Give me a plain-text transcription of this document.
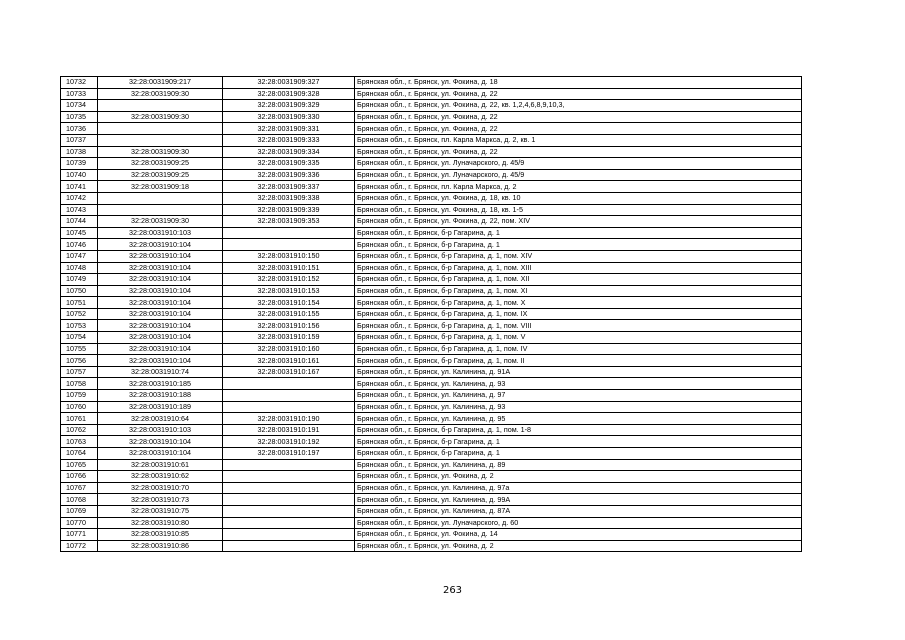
10732	32:28:0031909:217	32:28:0031909:327	Брянская обл., г. Брянск, ул. Фокина, д. 18
10733	32:28:0031909:30	32:28:0031909:328	Брянская обл., г. Брянск, ул. Фокина, д. 22
10734		32:28:0031909:329	Брянская обл., г. Брянск, ул. Фокина, д. 22, кв. 1,2,4,6,8,9,10,3,
10735	32:28:0031909:30	32:28:0031909:330	Брянская обл., г. Брянск, ул. Фокина, д. 22
10736		32:28:0031909:331	Брянская обл., г. Брянск, ул. Фокина, д. 22
10737		32:28:0031909:333	Брянская обл., г. Брянск, пл. Карла Маркса, д. 2, кв. 1
10738	32:28:0031909:30	32:28:0031909:334	Брянская обл., г. Брянск, ул. Фокина, д. 22
10739	32:28:0031909:25	32:28:0031909:335	Брянская обл., г. Брянск, ул. Луначарского, д. 45/9
10740	32:28:0031909:25	32:28:0031909:336	Брянская обл., г. Брянск, ул. Луначарского, д. 45/9
10741	32:28:0031909:18	32:28:0031909:337	Брянская обл., г. Брянск, пл. Карла Маркса, д. 2
10742		32:28:0031909:338	Брянская обл., г. Брянск, ул. Фокина, д. 18, кв. 10
10743		32:28:0031909:339	Брянская обл., г. Брянск, ул. Фокина, д. 18, кв. 1-5
10744	32:28:0031909:30	32:28:0031909:353	Брянская обл., г. Брянск, ул. Фокина, д. 22, пом. XIV
10745	32:28:0031910:103		Брянская обл., г. Брянск, б-р Гагарина, д. 1
10746	32:28:0031910:104		Брянская обл., г. Брянск, б-р Гагарина, д. 1
10747	32:28:0031910:104	32:28:0031910:150	Брянская обл., г. Брянск, б-р Гагарина, д. 1, пом. XIV
10748	32:28:0031910:104	32:28:0031910:151	Брянская обл., г. Брянск, б-р Гагарина, д. 1, пом. XIII
10749	32:28:0031910:104	32:28:0031910:152	Брянская обл., г. Брянск, б-р Гагарина, д. 1, пом. XII
10750	32:28:0031910:104	32:28:0031910:153	Брянская обл., г. Брянск, б-р Гагарина, д. 1, пом. XI
10751	32:28:0031910:104	32:28:0031910:154	Брянская обл., г. Брянск, б-р Гагарина, д. 1, пом. X
10752	32:28:0031910:104	32:28:0031910:155	Брянская обл., г. Брянск, б-р Гагарина, д. 1, пом. IX
10753	32:28:0031910:104	32:28:0031910:156	Брянская обл., г. Брянск, б-р Гагарина, д. 1, пом. VIII
10754	32:28:0031910:104	32:28:0031910:159	Брянская обл., г. Брянск, б-р Гагарина, д. 1, пом. V
10755	32:28:0031910:104	32:28:0031910:160	Брянская обл., г. Брянск, б-р Гагарина, д. 1, пом. IV
10756	32:28:0031910:104	32:28:0031910:161	Брянская обл., г. Брянск, б-р Гагарина, д. 1, пом. II
10757	32:28:0031910:74	32:28:0031910:167	Брянская обл., г. Брянск, ул. Калинина, д. 91А
10758	32:28:0031910:185		Брянская обл., г. Брянск, ул. Калинина, д. 93
10759	32:28:0031910:188		Брянская обл., г. Брянск, ул. Калинина, д. 97
10760	32:28:0031910:189		Брянская обл., г. Брянск, ул. Калинина, д. 93
10761	32:28:0031910:64	32:28:0031910:190	Брянская обл., г. Брянск, ул. Калинина, д. 95
10762	32:28:0031910:103	32:28:0031910:191	Брянская обл., г. Брянск, б-р Гагарина, д. 1, пом. 1-8
10763	32:28:0031910:104	32:28:0031910:192	Брянская обл., г. Брянск, б-р Гагарина, д. 1
10764	32:28:0031910:104	32:28:0031910:197	Брянская обл., г. Брянск, б-р Гагарина, д. 1
10765	32:28:0031910:61		Брянская обл., г. Брянск, ул. Калинина, д. 89
10766	32:28:0031910:62		Брянская обл., г. Брянск, ул. Фокина, д. 2
10767	32:28:0031910:70		Брянская обл., г. Брянск, ул. Калинина, д. 97а
10768	32:28:0031910:73		Брянская обл., г. Брянск, ул. Калинина, д. 99А
10769	32:28:0031910:75		Брянская обл., г. Брянск, ул. Калинина, д. 87А
10770	32:28:0031910:80		Брянская обл., г. Брянск, ул. Луначарского, д. 60
10771	32:28:0031910:85		Брянская обл., г. Брянск, ул. Фокина, д. 14
10772	32:28:0031910:86		Брянская обл., г. Брянск, ул. Фокина, д. 2
263
